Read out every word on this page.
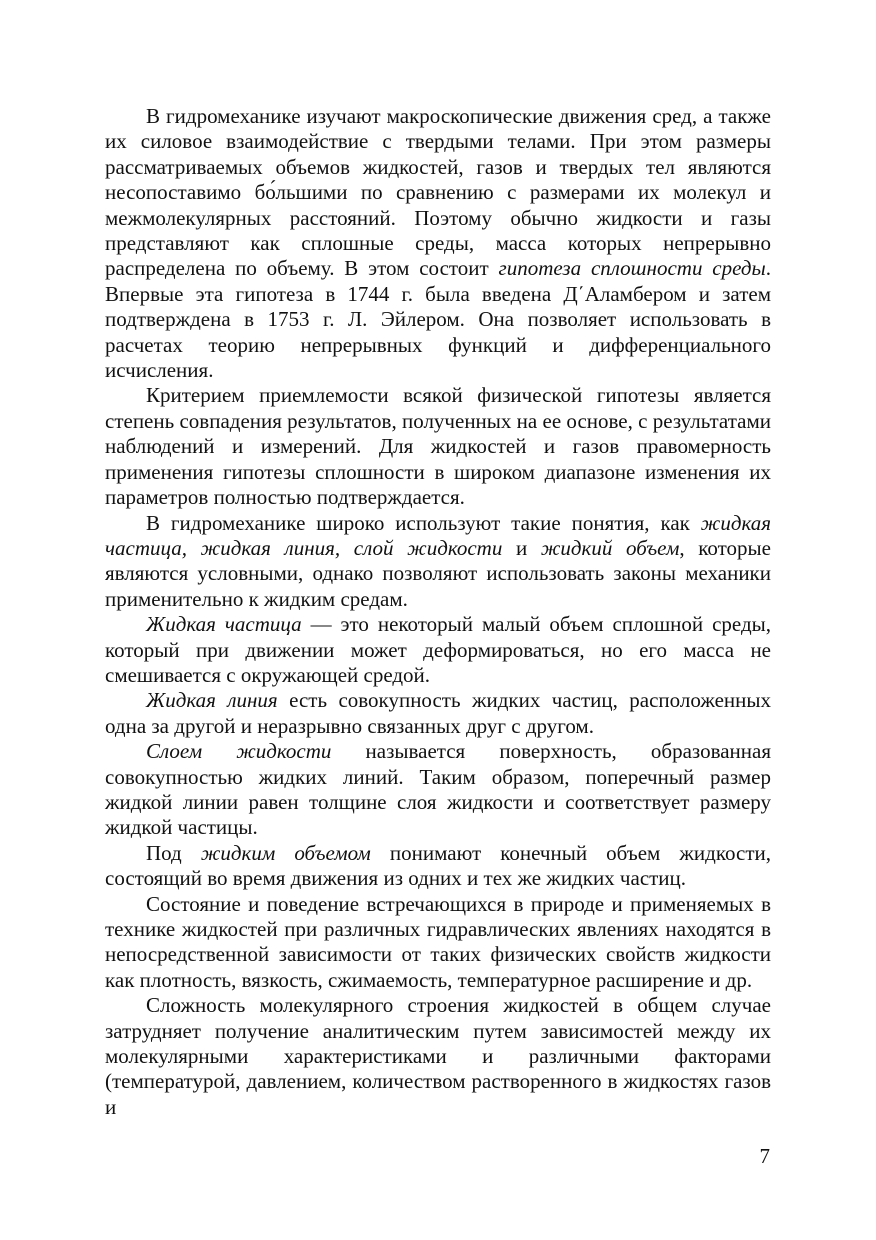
В гидромеханике изучают макроскопические движения сред, а также их силовое взаимодействие с твердыми телами. При этом размеры рассматриваемых объемов жидкостей, газов и твердых тел являются несопоставимо бо́льшими по сравнению с размерами их молекул и межмолекулярных расстояний. Поэтому обычно жидкости и газы представляют как сплошные среды, масса которых непрерывно распределена по объему. В этом состоит гипотеза сплошности среды. Впервые эта гипотеза в 1744 г. была введена Д΄Аламбером и затем подтверждена в 1753 г. Л. Эйлером. Она позволяет использовать в расчетах теорию непрерывных функций и дифференциального исчисления.

Критерием приемлемости всякой физической гипотезы является степень совпадения результатов, полученных на ее основе, с результатами наблюдений и измерений. Для жидкостей и газов правомерность применения гипотезы сплошности в широком диапазоне изменения их параметров полностью подтверждается.

В гидромеханике широко используют такие понятия, как жидкая частица, жидкая линия, слой жидкости и жидкий объем, которые являются условными, однако позволяют использовать законы механики применительно к жидким средам.

Жидкая частица — это некоторый малый объем сплошной среды, который при движении может деформироваться, но его масса не смешивается с окружающей средой.

Жидкая линия есть совокупность жидких частиц, расположенных одна за другой и неразрывно связанных друг с другом.

Слоем жидкости называется поверхность, образованная совокупностью жидких линий. Таким образом, поперечный размер жидкой линии равен толщине слоя жидкости и соответствует размеру жидкой частицы.

Под жидким объемом понимают конечный объем жидкости, состоящий во время движения из одних и тех же жидких частиц.

Состояние и поведение встречающихся в природе и применяемых в технике жидкостей при различных гидравлических явлениях находятся в непосредственной зависимости от таких физических свойств жидкости как плотность, вязкость, сжимаемость, температурное расширение и др.

Сложность молекулярного строения жидкостей в общем случае затрудняет получение аналитическим путем зависимостей между их молекулярными характеристиками и различными факторами (температурой, давлением, количеством растворенного в жидкостях газов и

7
